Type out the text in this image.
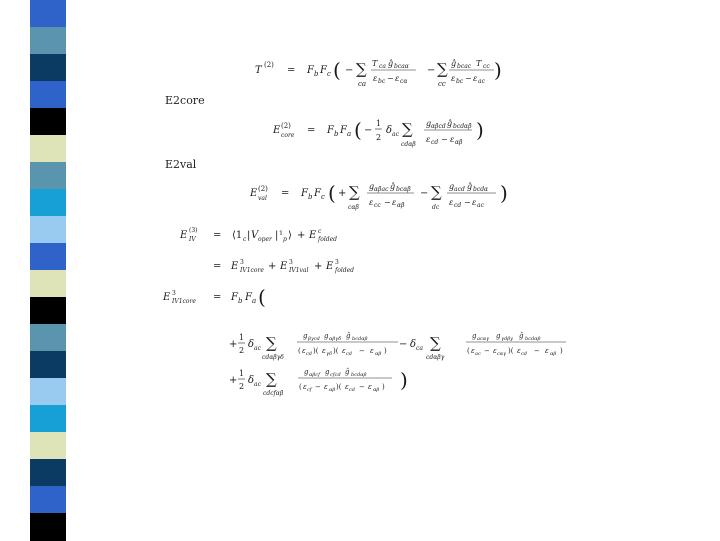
E2core
E2val
T (2) = F b F c ( − ∑
ca
T ca ĝ bcaα
ε bc − ε cα
− ∑
cc
ĝ bcac T cc
ε bc − ε ac )
E (2)
core = F b F a ( −
1
2
δ ac ∑
cdαβ
g αβcd ĝ bcdαβ
ε cd − ε αβ
)
E (2)
val = F b F c ( + ∑
cαβ
g αβac ĝ bcαβ
ε cc − ε αβ
− ∑
dc
g acd ĝ bcdα
ε cd − ε ac
)
E (3)
IV = ⟨1 c | V oper | ¹ p ⟩ + E c
folded
= E 3
IV1core + E 3
IV1val + E 3
folded
E 3
IV1core = F b F a (
+
1
2
δ ac ∑
cdαβγδ
g βγcd g αβγδ ĝ bcdαβ
( ε cd )( ε γδ )( ε cd − ε αβ )
− δ ca ∑
cdαβγ
g acαγ g γdβy ĝ bcdαβ
( ε ac − ε cαγ )( ε cd − ε αβ )
+
1
2
δ ac ∑
cdcfαβ
g αβcf g cfcd ĝ bcdαβ
( ε cf − ε αβ )( ε cd − ε αβ ) )
